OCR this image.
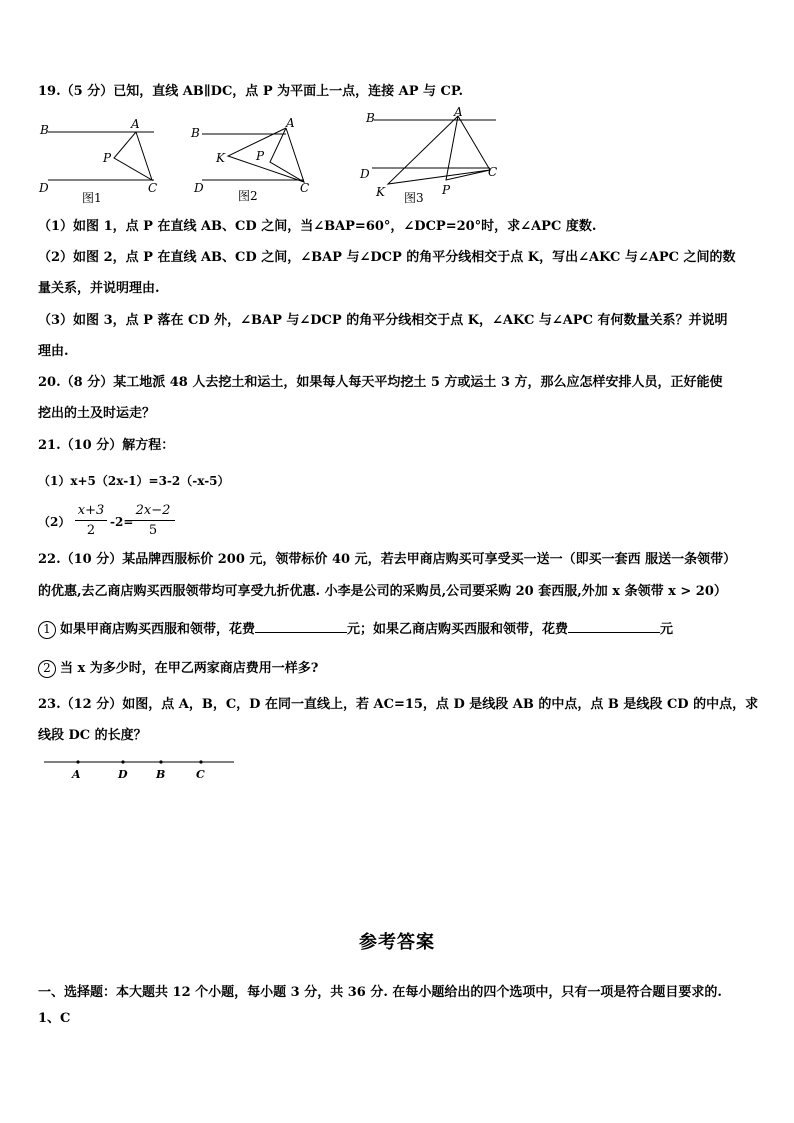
19.（5 分）已知，直线 AB∥DC，点 P 为平面上一点，连接 AP 与 CP.
B	A
P
D	C
图1
B
A
K	P
D	C
图2
B	A
D
K	P
C
图3
（1）如图 1，点 P 在直线 AB、CD 之间，当∠BAP=60°，∠DCP=20°时，求∠APC 度数.
（2）如图 2，点 P 在直线 AB、CD 之间，∠BAP 与∠DCP 的角平分线相交于点 K，写出∠AKC 与∠APC 之间的数
量关系，并说明理由.
（3）如图 3，点 P 落在 CD 外，∠BAP 与∠DCP 的角平分线相交于点 K，∠AKC 与∠APC 有何数量关系？并说明
理由.
20.（8 分）某工地派 48 人去挖土和运土，如果每人每天平均挖土 5 方或运土 3 方，那么应怎样安排人员，正好能使
挖出的土及时运走？
21.（10 分）解方程：
（1）x+5（2x-1）=3-2（-x-5）
（2）
x+3
2
-2=
2x−2
5
22.（10 分）某品牌西服标价 200 元，领带标价 40 元，若去甲商店购买可享受买一送一（即买一套西 服送一条领带）
的优惠,去乙商店购买西服领带均可享受九折优惠. 小李是公司的采购员,公司要采购 20 套西服,外加 x 条领带 x > 20）
1 如果甲商店购买西服和领带，花费	元；如果乙商店购买西服和领带，花费	元
2 当 x 为多少时，在甲乙两家商店费用一样多?
23.（12 分）如图，点 A，B，C，D 在同一直线上，若 AC=15，点 D 是线段 AB 的中点，点 B 是线段 CD 的中点，求
线段 DC 的长度？
A	D	B	C
参考答案
一、选择题：本大题共 12 个小题，每小题 3 分，共 36 分. 在每小题给出的四个选项中，只有一项是符合题目要求的.
1、C
